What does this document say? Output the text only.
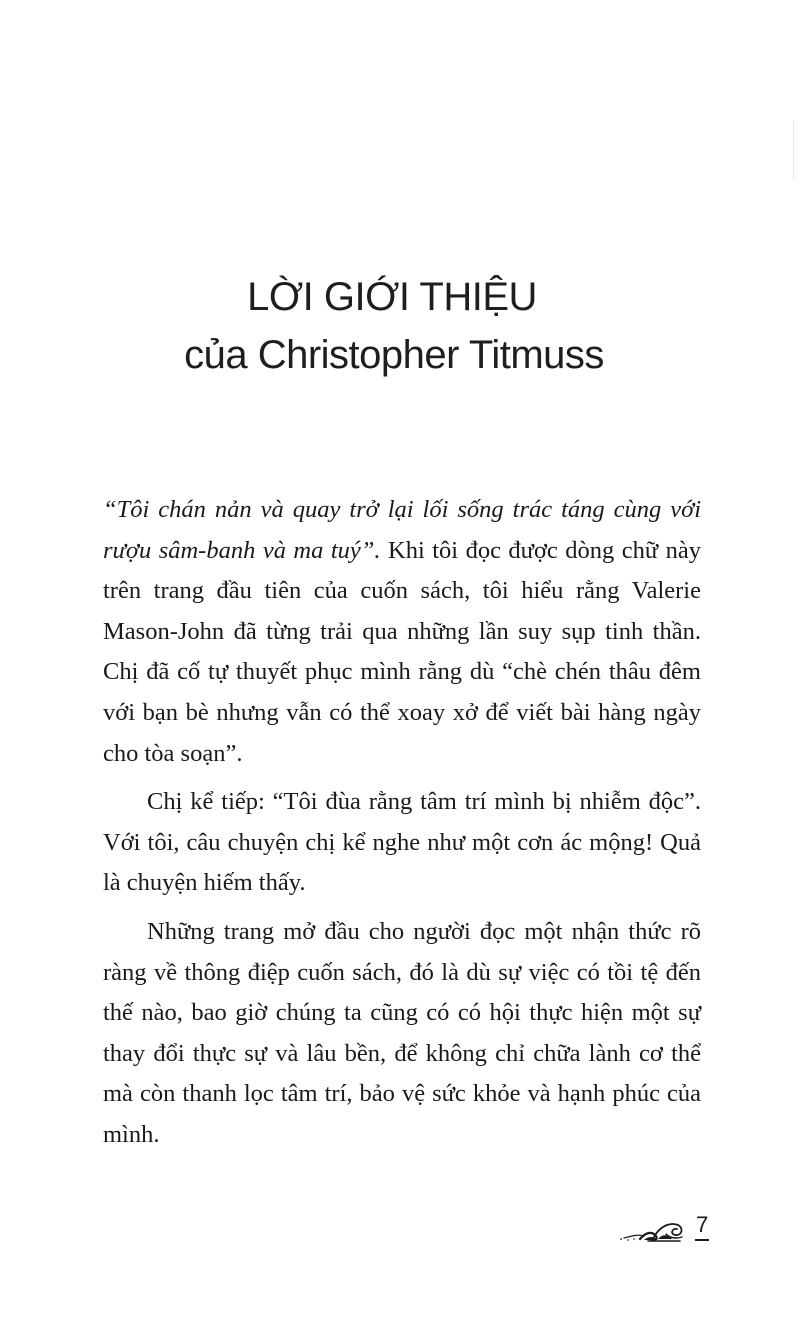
LỜI GIỚI THIỆU
của Christopher Titmuss

“Tôi chán nản và quay trở lại lối sống trác táng cùng với rượu sâm-banh và ma tuý”. Khi tôi đọc được dòng chữ này trên trang đầu tiên của cuốn sách, tôi hiểu rằng Valerie Mason-John đã từng trải qua những lần suy sụp tinh thần. Chị đã cố tự thuyết phục mình rằng dù “chè chén thâu đêm với bạn bè nhưng vẫn có thể xoay xở để viết bài hàng ngày cho tòa soạn”.

Chị kể tiếp: “Tôi đùa rằng tâm trí mình bị nhiễm độc”. Với tôi, câu chuyện chị kể nghe như một cơn ác mộng! Quả là chuyện hiếm thấy.

Những trang mở đầu cho người đọc một nhận thức rõ ràng về thông điệp cuốn sách, đó là dù sự việc có tồi tệ đến thế nào, bao giờ chúng ta cũng có có hội thực hiện một sự thay đổi thực sự và lâu bền, để không chỉ chữa lành cơ thể mà còn thanh lọc tâm trí, bảo vệ sức khỏe và hạnh phúc của mình.

7
